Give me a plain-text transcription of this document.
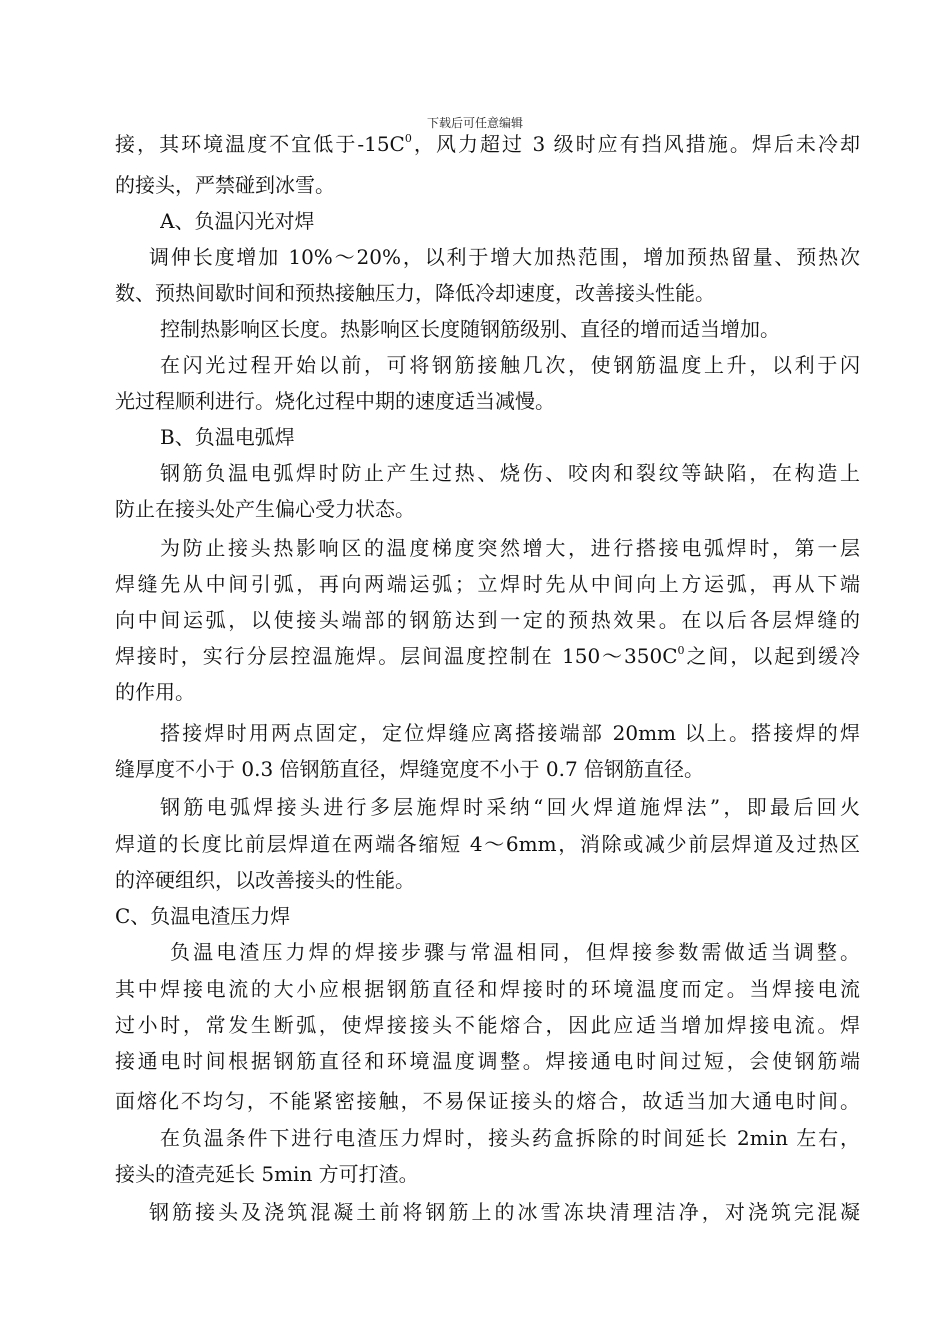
下载后可任意编辑
接，其环境温度不宜低于$-15C^0$，风力超过 3 级时应有挡风措施。焊后未冷却
的接头，严禁碰到冰雪。
A、负温闪光对焊
调伸长度增加 10%～20%，以利于增大加热范围，增加预热留量、预热次
数、预热间歇时间和预热接触压力，降低冷却速度，改善接头性能。
控制热影响区长度。热影响区长度随钢筋级别、直径的增而适当增加。
在闪光过程开始以前，可将钢筋接触几次，使钢筋温度上升，以利于闪
光过程顺利进行。烧化过程中期的速度适当减慢。
B、负温电弧焊
钢筋负温电弧焊时防止产生过热、烧伤、咬肉和裂纹等缺陷，在构造上
防止在接头处产生偏心受力状态。
为防止接头热影响区的温度梯度突然增大，进行搭接电弧焊时，第一层
焊缝先从中间引弧，再向两端运弧；立焊时先从中间向上方运弧，再从下端
向中间运弧，以使接头端部的钢筋达到一定的预热效果。在以后各层焊缝的
焊接时，实行分层控温施焊。层间温度控制在 $150\sim 350C^0$之间，以起到缓冷
的作用。
搭接焊时用两点固定，定位焊缝应离搭接端部 20mm 以上。搭接焊的焊
缝厚度不小于 0.3 倍钢筋直径，焊缝宽度不小于 0.7 倍钢筋直径。
钢筋电弧焊接头进行多层施焊时采纳“回火焊道施焊法”，即最后回火
焊道的长度比前层焊道在两端各缩短 4～6mm，消除或减少前层焊道及过热区
的淬硬组织，以改善接头的性能。
C、负温电渣压力焊
负温电渣压力焊的焊接步骤与常温相同，但焊接参数需做适当调整。
其中焊接电流的大小应根据钢筋直径和焊接时的环境温度而定。当焊接电流
过小时，常发生断弧，使焊接接头不能熔合，因此应适当增加焊接电流。焊
接通电时间根据钢筋直径和环境温度调整。焊接通电时间过短，会使钢筋端
面熔化不均匀，不能紧密接触，不易保证接头的熔合，故适当加大通电时间。
在负温条件下进行电渣压力焊时，接头药盒拆除的时间延长 2min 左右，
接头的渣壳延长 5min 方可打渣。
钢筋接头及浇筑混凝土前将钢筋上的冰雪冻块清理洁净，对浇筑完混凝
